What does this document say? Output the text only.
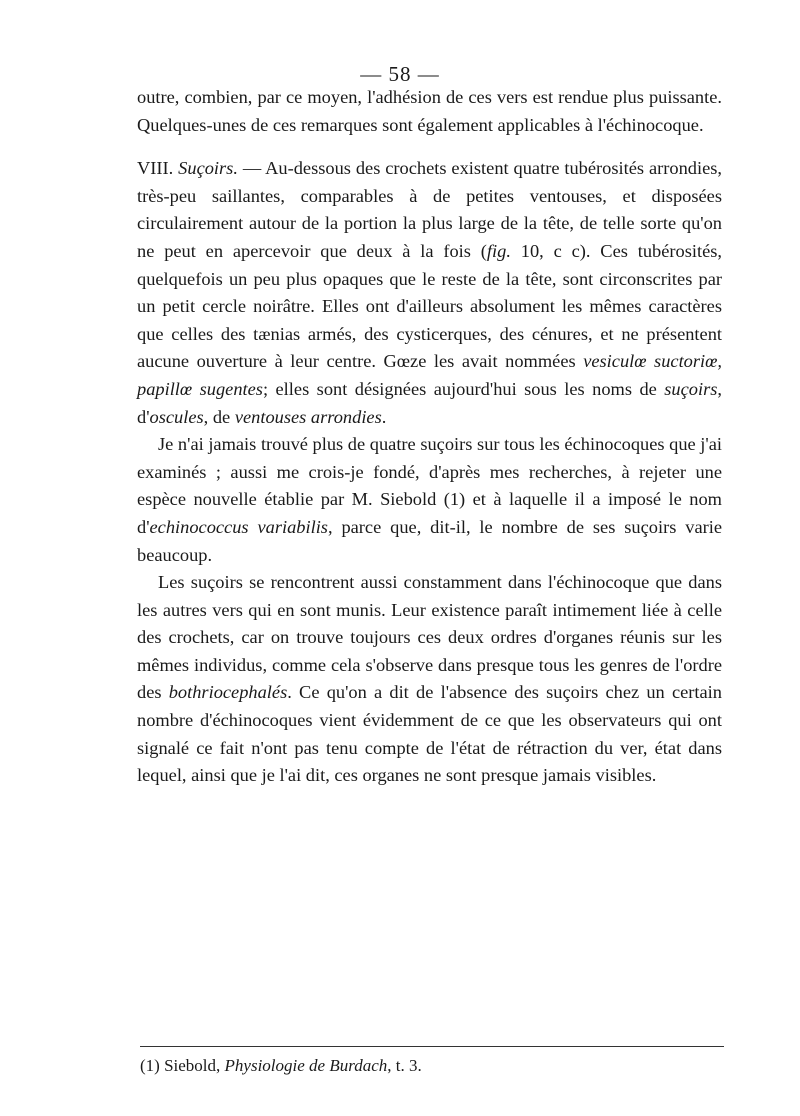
— 58 —

outre, combien, par ce moyen, l'adhésion de ces vers est rendue plus puissante. Quelques-unes de ces remarques sont également applicables à l'échinocoque.

VIII. Suçoirs. — Au-dessous des crochets existent quatre tubérosités arrondies, très-peu saillantes, comparables à de petites ventouses, et disposées circulairement autour de la portion la plus large de la tête, de telle sorte qu'on ne peut en apercevoir que deux à la fois (fig. 10, c c). Ces tubérosités, quelquefois un peu plus opaques que le reste de la tête, sont circonscrites par un petit cercle noirâtre. Elles ont d'ailleurs absolument les mêmes caractères que celles des tænias armés, des cysticerques, des cénures, et ne présentent aucune ouverture à leur centre. Gœze les avait nommées vesiculœ suctoriœ, papillœ sugentes; elles sont désignées aujourd'hui sous les noms de suçoirs, d'oscules, de ventouses arrondies.

Je n'ai jamais trouvé plus de quatre suçoirs sur tous les échinocoques que j'ai examinés ; aussi me crois-je fondé, d'après mes recherches, à rejeter une espèce nouvelle établie par M. Siebold (1) et à laquelle il a imposé le nom d'echinococcus variabilis, parce que, dit-il, le nombre de ses suçoirs varie beaucoup.

Les suçoirs se rencontrent aussi constamment dans l'échinocoque que dans les autres vers qui en sont munis. Leur existence paraît intimement liée à celle des crochets, car on trouve toujours ces deux ordres d'organes réunis sur les mêmes individus, comme cela s'observe dans presque tous les genres de l'ordre des bothriocephalés. Ce qu'on a dit de l'absence des suçoirs chez un certain nombre d'échinocoques vient évidemment de ce que les observateurs qui ont signalé ce fait n'ont pas tenu compte de l'état de rétraction du ver, état dans lequel, ainsi que je l'ai dit, ces organes ne sont presque jamais visibles.

(1) Siebold, Physiologie de Burdach, t. 3.
